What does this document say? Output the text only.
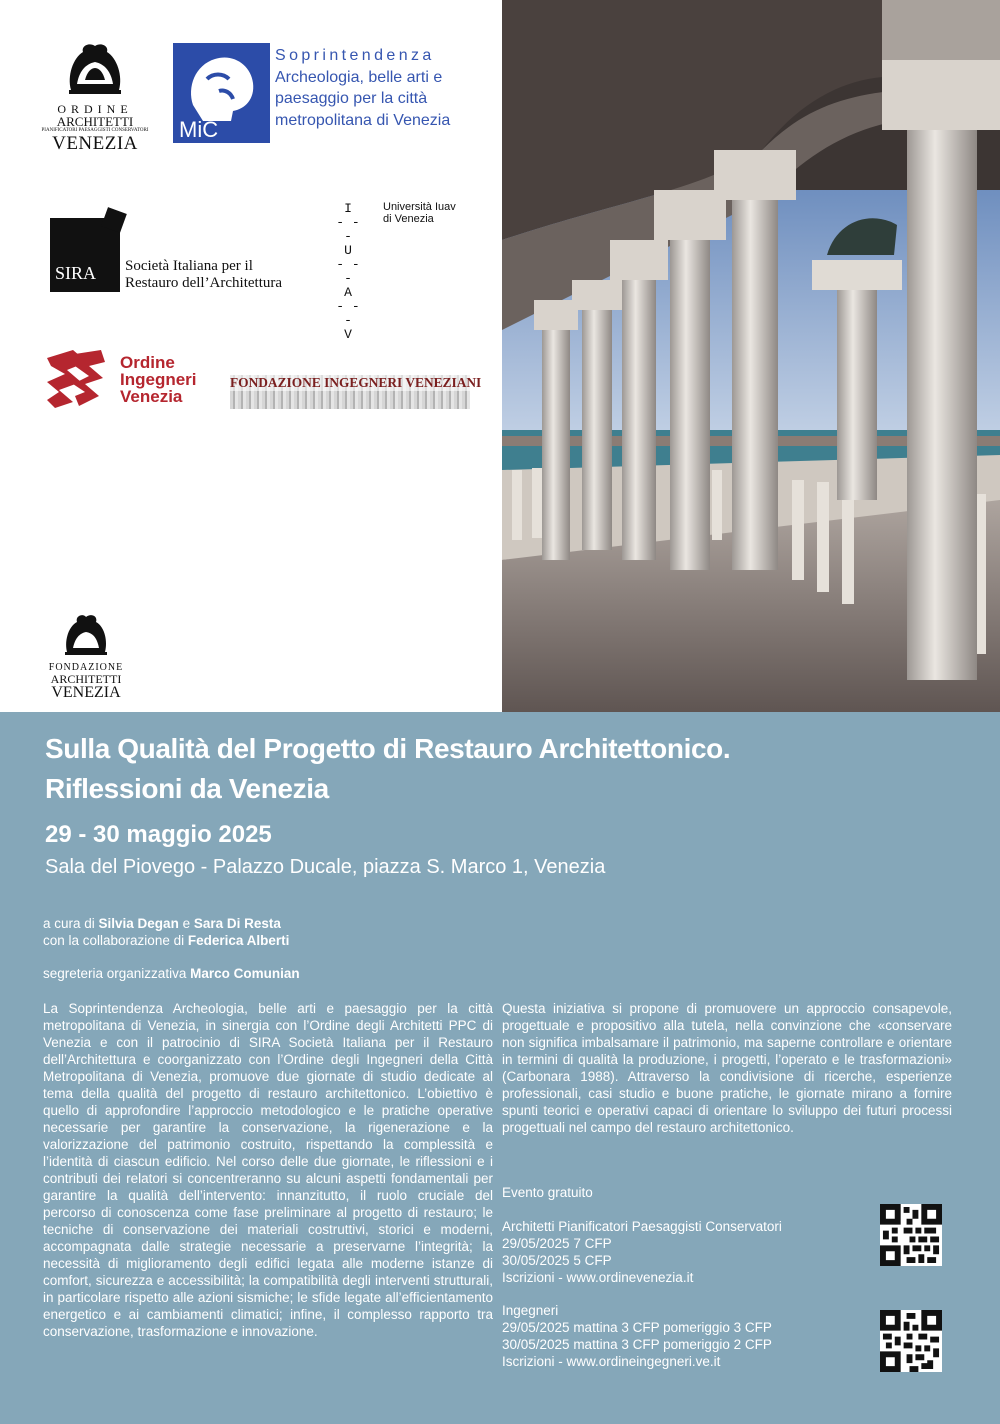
ORDINE
ARCHITETTI
PIANIFICATORI PAESAGGISTI CONSERVATORI
VENEZIA
MiC
Soprintendenza
Archeologia, belle arti e
paesaggio per la città
metropolitana di Venezia
SIRA Società Italiana per il
Restauro dell’Architettura
I
- - -
U
- - -
A
- - -
V
Università Iuav
di Venezia
Ordine
Ingegneri
Venezia
FONDAZIONE INGEGNERI VENEZIANI
FONDAZIONE
ARCHITETTI
VENEZIA
Sulla Qualità del Progetto di Restauro Architettonico.
Riflessioni da Venezia
29 - 30 maggio 2025
Sala del Piovego - Palazzo Ducale, piazza S. Marco 1, Venezia
a cura di Silvia Degan e Sara Di Resta
con la collaborazione di Federica Alberti
segreteria organizzativa Marco Comunian
La Soprintendenza Archeologia, belle arti e paesaggio per la città metropolitana di Venezia, in sinergia con l’Ordine degli Architetti PPC di Venezia e con il patrocinio di SIRA Società Italiana per il Restauro dell’Architettura e coorganizzato con l’Ordine degli Ingegneri della Città Metropolitana di Venezia, promuove due giornate di studio dedicate al tema della qualità del progetto di restauro architettonico. L’obiettivo è quello di approfondire l’approccio metodologico e le pratiche operative necessarie per garantire la conservazione, la rigenerazione e la valorizzazione del patrimonio costruito, rispettando la complessità e l’identità di ciascun edificio. Nel corso delle due giornate, le riflessioni e i contributi dei relatori si concentreranno su alcuni aspetti fondamentali per garantire la qualità dell’intervento: innanzitutto, il ruolo cruciale del percorso di conoscenza come fase preliminare al progetto di restauro; le tecniche di conservazione dei materiali costruttivi, storici e moderni, accompagnata dalle strategie necessarie a preservarne l’integrità; la necessità di miglioramento degli edifici legata alle moderne istanze di comfort, sicurezza e accessibilità; la compatibilità degli interventi strutturali, in particolare rispetto alle azioni sismiche; le sfide legate all’efficientamento energetico e ai cambiamenti climatici; infine, il complesso rapporto tra conservazione, trasformazione e innovazione.
Questa iniziativa si propone di promuovere un approccio consapevole, progettuale e propositivo alla tutela, nella convinzione che «conservare non significa imbalsamare il patrimonio, ma saperne controllare e orientare in termini di qualità la produzione, i progetti, l’operato e le trasformazioni» (Carbonara 1988). Attraverso la condivisione di ricerche, esperienze professionali, casi studio e buone pratiche, le giornate mirano a fornire spunti teorici e operativi capaci di orientare lo sviluppo dei futuri processi progettuali nel campo del restauro architettonico.
Evento gratuito
Architetti Pianificatori Paesaggisti Conservatori
29/05/2025 7 CFP
30/05/2025 5 CFP
Iscrizioni - www.ordinevenezia.it
Ingegneri
29/05/2025 mattina 3 CFP pomeriggio 3 CFP
30/05/2025 mattina 3 CFP pomeriggio 2 CFP
Iscrizioni - www.ordineingegneri.ve.it
